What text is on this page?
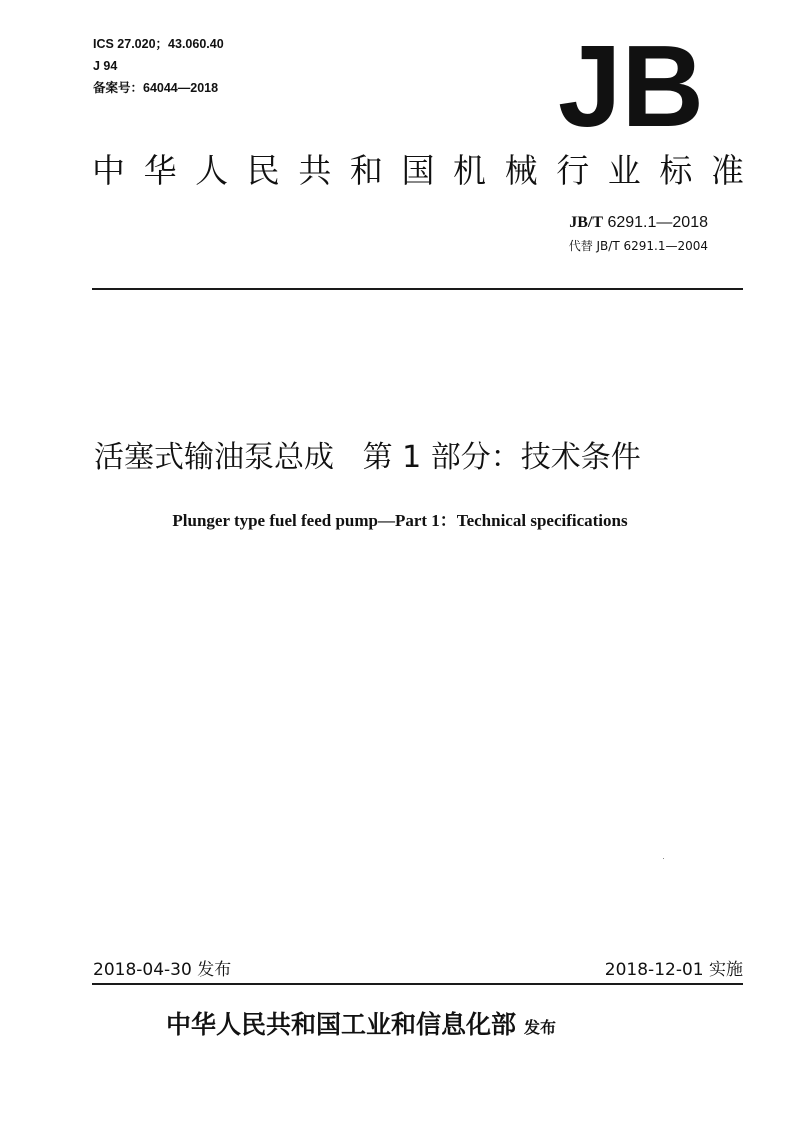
ICS 27.020；43.060.40
J 94
备案号：64044—2018	JB
中 华 人 民 共 和 国 机 械 行 业 标 准
JB/T 6291.1—2018
代替 JB/T 6291.1—2004
活塞式输油泵总成   第 1 部分：技术条件
Plunger type fuel feed pump—Part 1：Technical specifications
2018-04-30 发布	2018-12-01 实施
中华人民共和国工业和信息化部 发布
